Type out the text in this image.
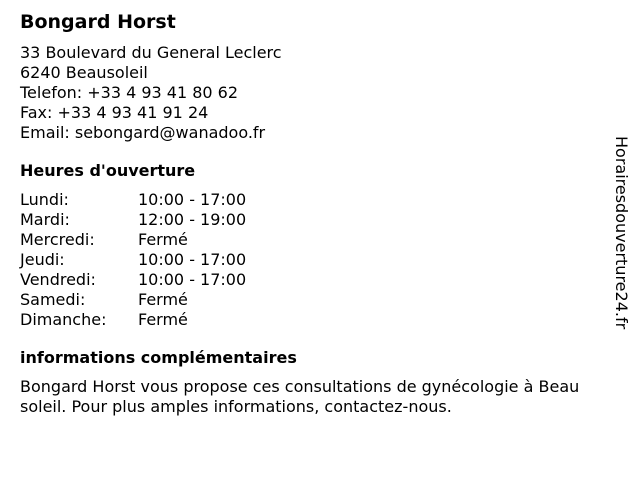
Bongard Horst
33 Boulevard du General Leclerc
6240 Beausoleil
Telefon: +33 4 93 41 80 62
Fax: +33 4 93 41 91 24
Email: sebongard@wanadoo.fr
Heures d'ouverture
Lundi:	10:00 - 17:00
Mardi:	12:00 - 19:00
Mercredi:	Fermé
Jeudi:	10:00 - 17:00
Vendredi:	10:00 - 17:00
Samedi:	Fermé
Dimanche:	Fermé
informations complémentaires
Bongard Horst vous propose ces consultations de gynécologie à Beau soleil. Pour plus amples informations, contactez-nous.
Horairesdouverture24.fr
